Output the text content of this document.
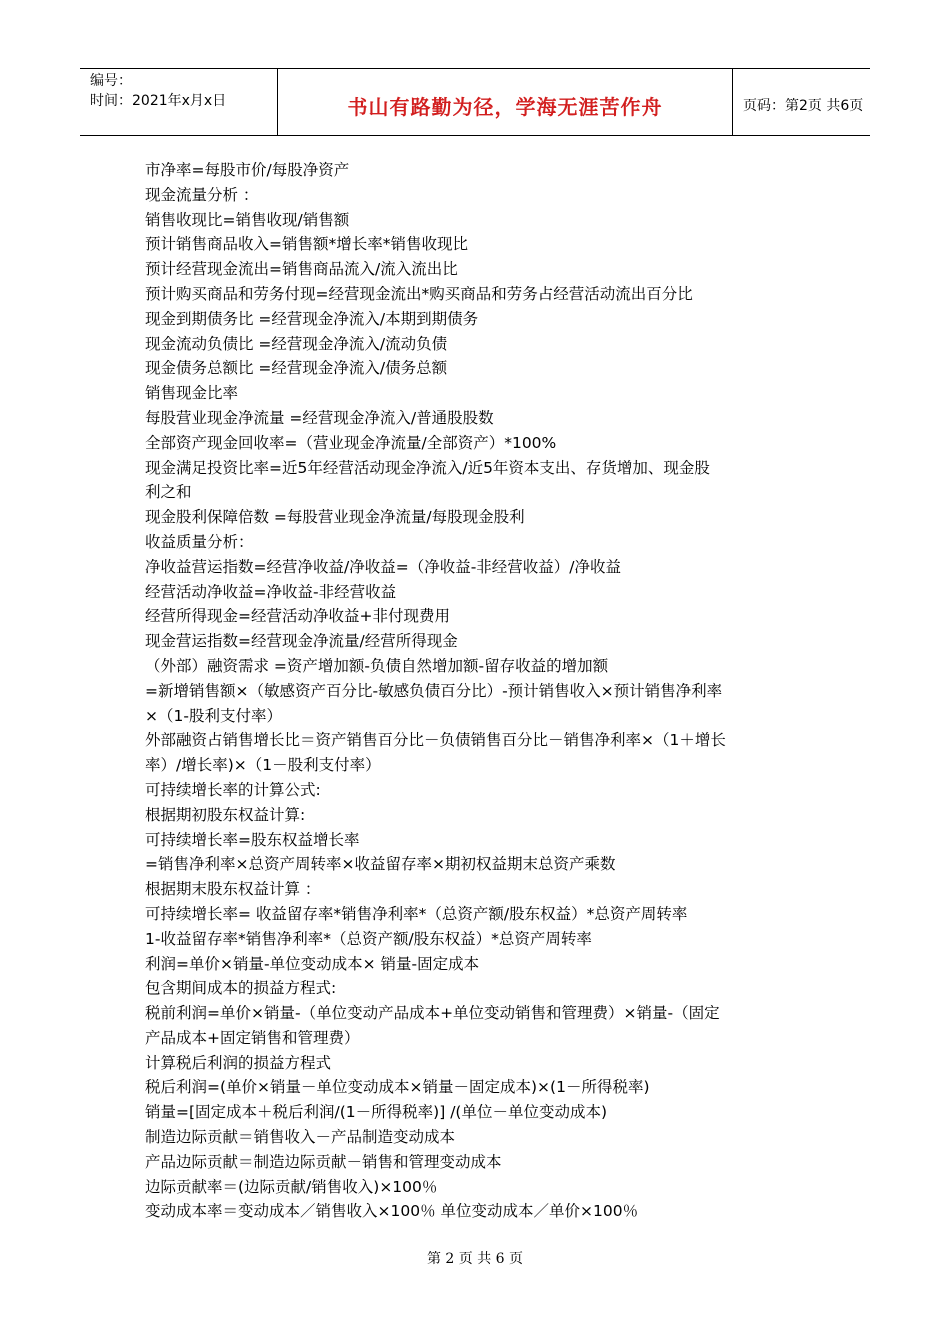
编号：
时间：2021年x月x日	书山有路勤为径，学海无涯苦作舟	页码：第2页 共6页
市净率=每股市价/每股净资产
现金流量分析 ：
销售收现比=销售收现/销售额
预计销售商品收入=销售额*增长率*销售收现比
预计经营现金流出=销售商品流入/流入流出比
预计购买商品和劳务付现=经营现金流出*购买商品和劳务占经营活动流出百分比
现金到期债务比 =经营现金净流入/本期到期债务
现金流动负债比 =经营现金净流入/流动负债
现金债务总额比 =经营现金净流入/债务总额
销售现金比率
每股营业现金净流量 =经营现金净流入/普通股股数
全部资产现金回收率=（营业现金净流量/全部资产）*100%
现金满足投资比率=近5年经营活动现金净流入/近5年资本支出、存货增加、现金股
利之和
现金股利保障倍数 =每股营业现金净流量/每股现金股利
收益质量分析：
净收益营运指数=经营净收益/净收益=（净收益-非经营收益）/净收益
经营活动净收益=净收益-非经营收益
经营所得现金=经营活动净收益+非付现费用
现金营运指数=经营现金净流量/经营所得现金
（外部）融资需求 =资产增加额-负债自然增加额-留存收益的增加额
=新增销售额×（敏感资产百分比-敏感负债百分比）-预计销售收入×预计销售净利率
×（1-股利支付率）
外部融资占销售增长比＝资产销售百分比－负债销售百分比－销售净利率×（1＋增长
率）/增长率)×（1－股利支付率）
可持续增长率的计算公式:
根据期初股东权益计算:
可持续增长率=股东权益增长率
=销售净利率×总资产周转率×收益留存率×期初权益期末总资产乘数
根据期末股东权益计算 ：
可持续增长率= 收益留存率*销售净利率*（总资产额/股东权益）*总资产周转率
1-收益留存率*销售净利率*（总资产额/股东权益）*总资产周转率
利润=单价×销量-单位变动成本× 销量-固定成本
包含期间成本的损益方程式:
税前利润=单价×销量-（单位变动产品成本+单位变动销售和管理费）×销量-（固定
产品成本+固定销售和管理费）
计算税后利润的损益方程式
税后利润=(单价×销量－单位变动成本×销量－固定成本)×(1－所得税率)
销量=[固定成本＋税后利润/(1－所得税率)] /(单位－单位变动成本)
制造边际贡献＝销售收入－产品制造变动成本
产品边际贡献＝制造边际贡献－销售和管理变动成本
边际贡献率＝(边际贡献/销售收入)×100％
变动成本率＝变动成本／销售收入×100％ 单位变动成本／单价×100％
第 2 页 共 6 页
